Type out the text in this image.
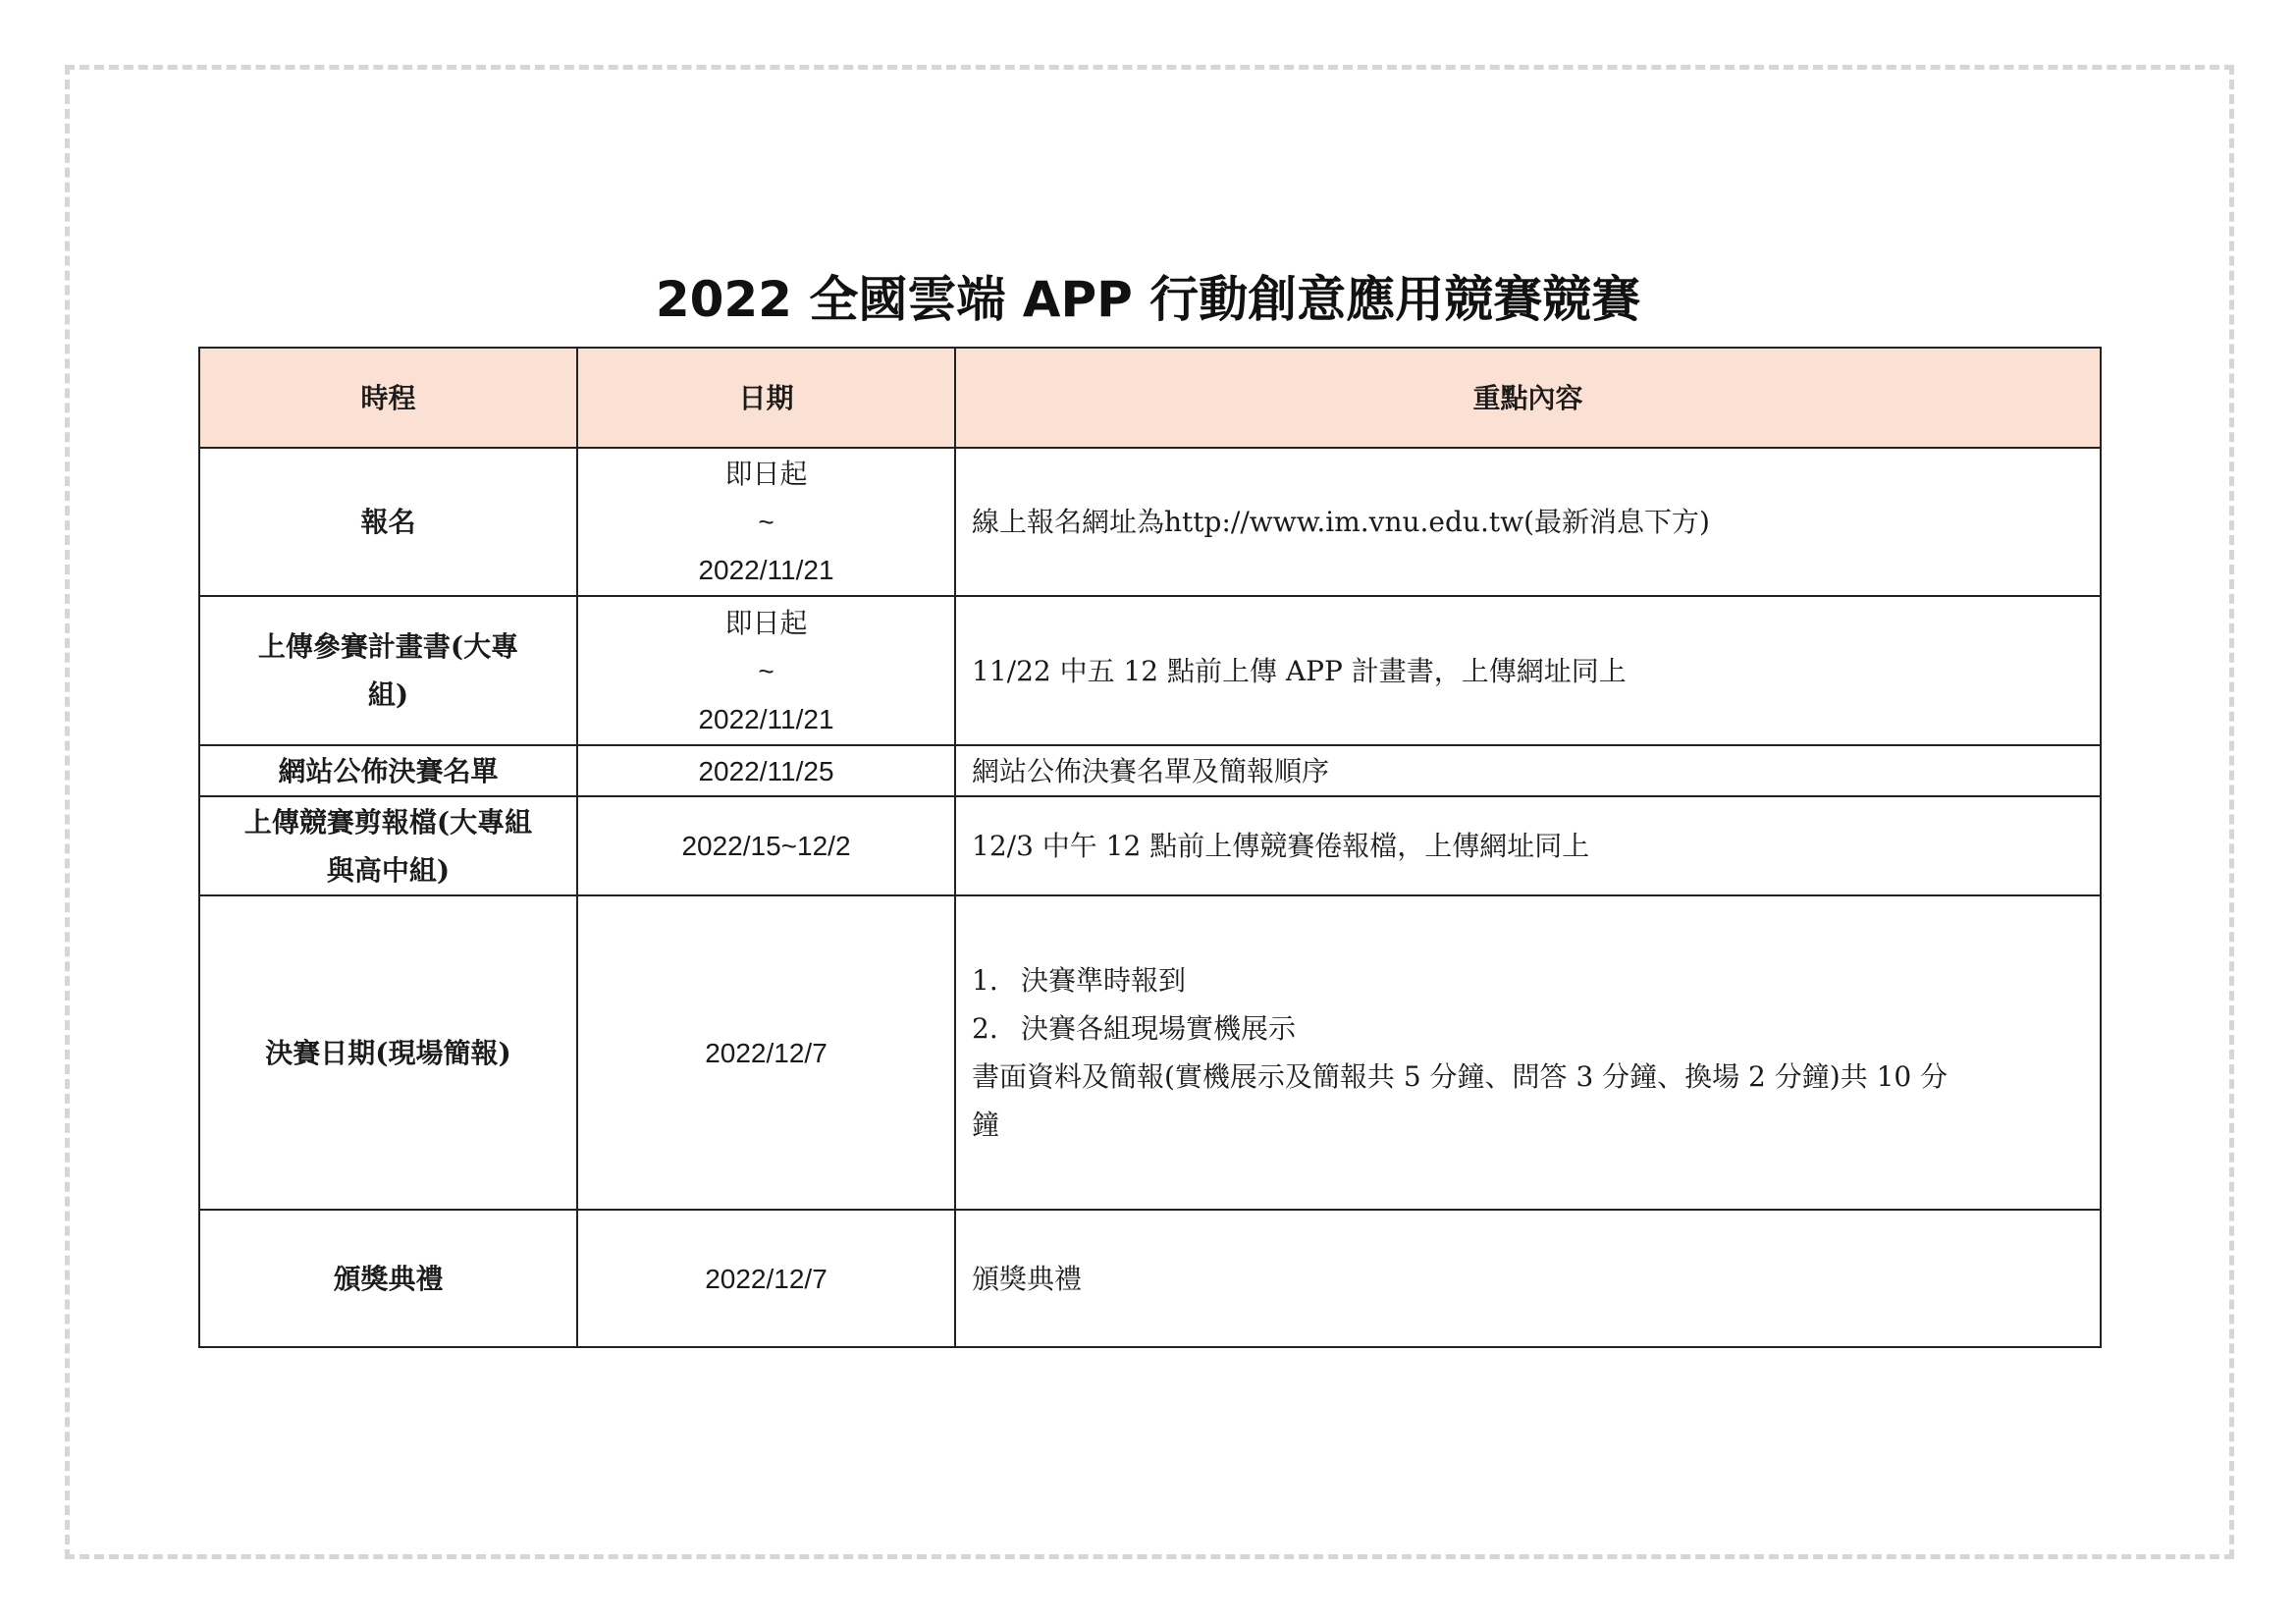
2022 全國雲端 APP 行動創意應用競賽競賽
時程	日期	重點內容
報名	即日起
~
2022/11/21	線上報名網址為http://www.im.vnu.edu.tw(最新消息下方)

上傳參賽計畫書(大專
組)	即日起
~
2022/11/21	11/22 中五 12 點前上傳 APP 計畫書，上傳網址同上

網站公佈決賽名單	2022/11/25	網站公佈決賽名單及簡報順序

上傳競賽剪報檔(大專組
與高中組)	2022/15~12/2	12/3 中午 12 點前上傳競賽倦報檔，上傳網址同上
決賽日期(現場簡報)	2022/12/7	1. 決賽準時報到
2. 決賽各組現場實機展示
書面資料及簡報(實機展示及簡報共 5 分鐘、問答 3 分鐘、換場 2 分鐘)共 10 分
鐘

頒獎典禮	2022/12/7	頒獎典禮
